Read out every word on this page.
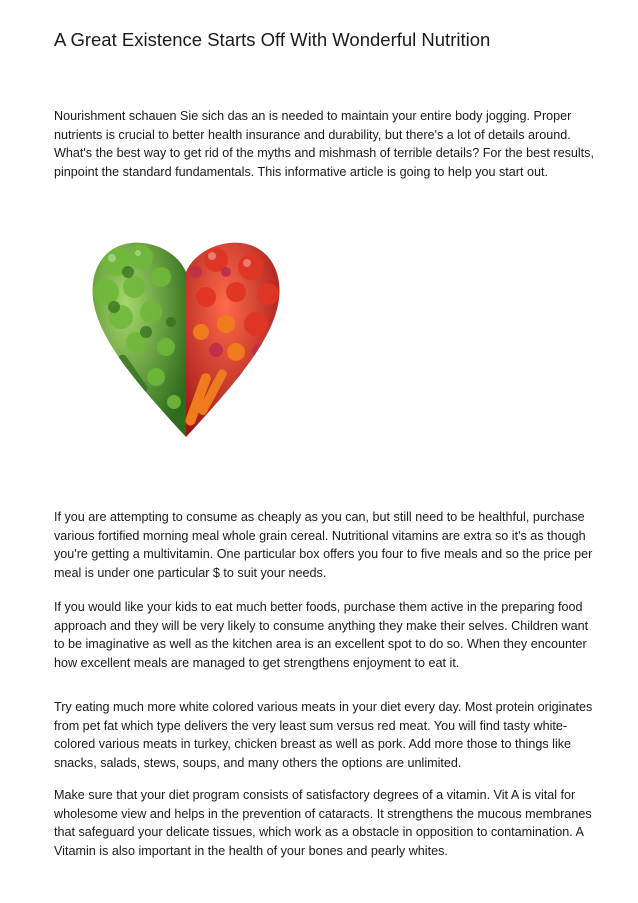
A Great Existence Starts Off With Wonderful Nutrition

Nourishment schauen Sie sich das an is needed to maintain your entire body jogging. Proper nutrients is crucial to better health insurance and durability, but there's a lot of details around. What's the best way to get rid of the myths and mishmash of terrible details? For the best results, pinpoint the standard fundamentals. This informative article is going to help you start out.

If you are attempting to consume as cheaply as you can, but still need to be healthful, purchase various fortified morning meal whole grain cereal. Nutritional vitamins are extra so it's as though you're getting a multivitamin. One particular box offers you four to five meals and so the price per meal is under one particular $ to suit your needs.

If you would like your kids to eat much better foods, purchase them active in the preparing food approach and they will be very likely to consume anything they make their selves. Children want to be imaginative as well as the kitchen area is an excellent spot to do so. When they encounter how excellent meals are managed to get strengthens enjoyment to eat it.

Try eating much more white colored various meats in your diet every day. Most protein originates from pet fat which type delivers the very least sum versus red meat. You will find tasty white-colored various meats in turkey, chicken breast as well as pork. Add more those to things like snacks, salads, stews, soups, and many others the options are unlimited.

Make sure that your diet program consists of satisfactory degrees of a vitamin. Vit A is vital for wholesome view and helps in the prevention of cataracts. It strengthens the mucous membranes that safeguard your delicate tissues, which work as a obstacle in opposition to contamination. A Vitamin is also important in the health of your bones and pearly whites.
